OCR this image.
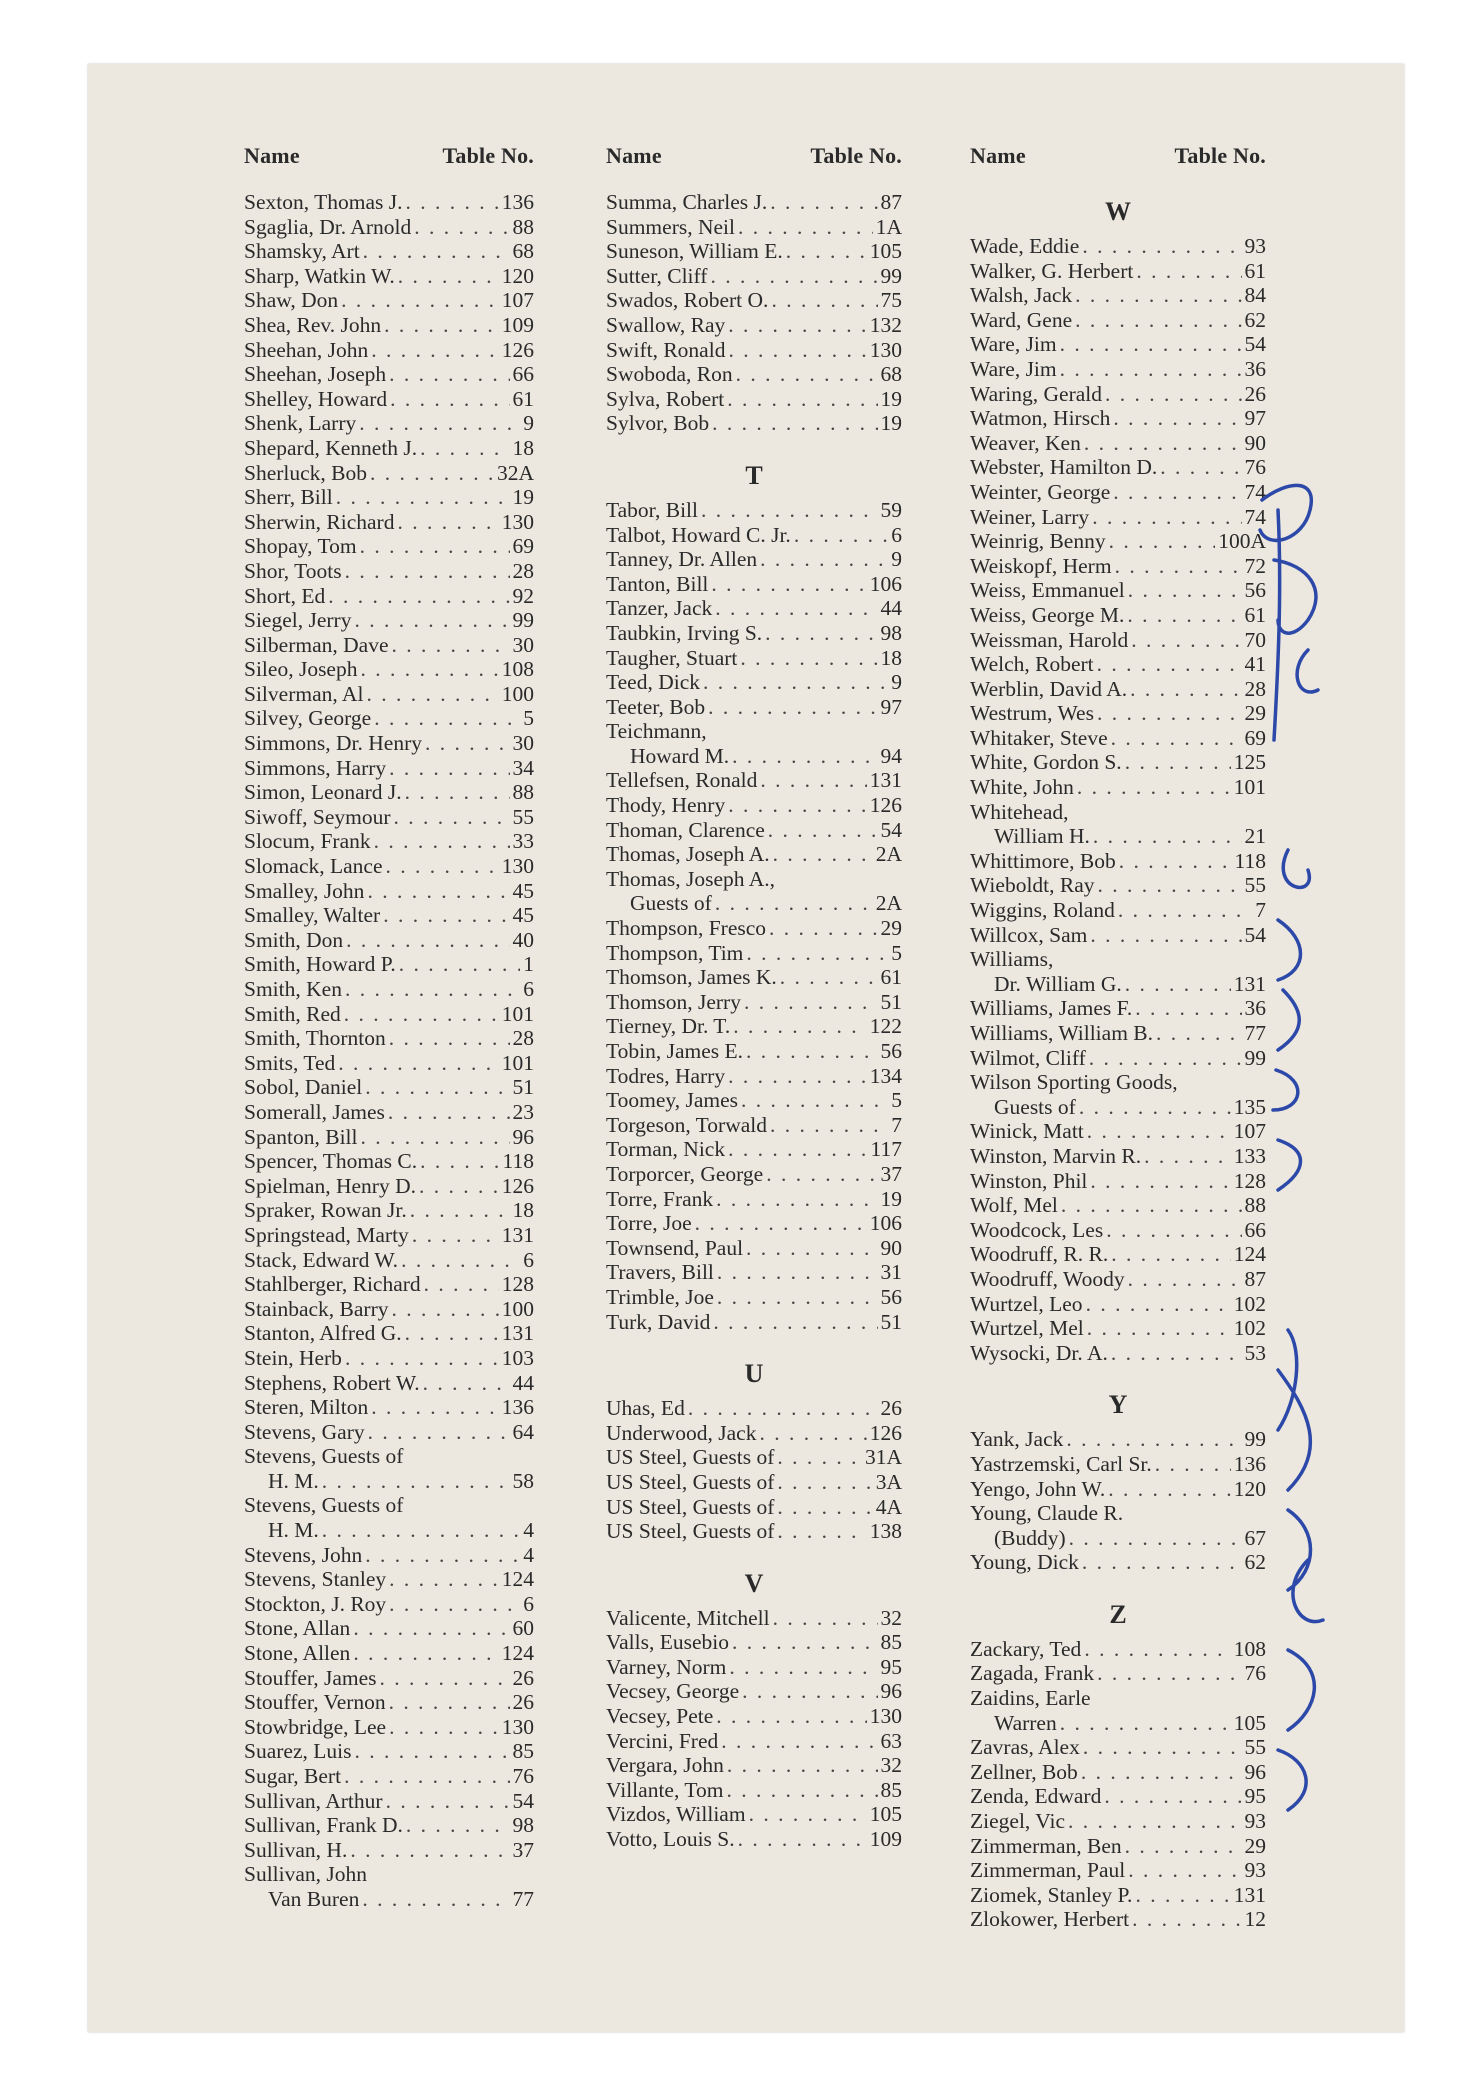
Name	Table No.
Sexton, Thomas J. . . .	136
Sgaglia, Dr. Arnold . . .	88
Shamsky, Art . . .	68
Sharp, Watkin W. . . .	120
Shaw, Don . . .	107
Shea, Rev. John . . .	109
Sheehan, John . . .	126
Sheehan, Joseph . . .	66
Shelley, Howard . . .	61
Shenk, Larry . . .	9
Shepard, Kenneth J. . . .	18
Sherluck, Bob . . .	32A
Sherr, Bill . . .	19
Sherwin, Richard . . .	130
Shopay, Tom . . .	69
Shor, Toots . . .	28
Short, Ed . . .	92
Siegel, Jerry . . .	99
Silberman, Dave . . .	30
Sileo, Joseph . . .	108
Silverman, Al . . .	100
Silvey, George . . .	5
Simmons, Dr. Henry . . .	30
Simmons, Harry . . .	34
Simon, Leonard J. . . .	88
Siwoff, Seymour . . .	55
Slocum, Frank . . .	33
Slomack, Lance . . .	130
Smalley, John . . .	45
Smalley, Walter . . .	45
Smith, Don . . .	40
Smith, Howard P. . . .	1
Smith, Ken . . .	6
Smith, Red . . .	101
Smith, Thornton . . .	28
Smits, Ted . . .	101
Sobol, Daniel . . .	51
Somerall, James . . .	23
Spanton, Bill . . .	96
Spencer, Thomas C. . . .	118
Spielman, Henry D. . . .	126
Spraker, Rowan Jr. . . .	18
Springstead, Marty . . .	131
Stack, Edward W. . . .	6
Stahlberger, Richard . . .	128
Stainback, Barry . . .	100
Stanton, Alfred G. . . .	131
Stein, Herb . . .	103
Stephens, Robert W. . . .	44
Steren, Milton . . .	136
Stevens, Gary . . .	64
Stevens, Guests of
H. M. . . .	58
Stevens, Guests of
H. M. . . .	4
Stevens, John . . .	4
Stevens, Stanley . . .	124
Stockton, J. Roy . . .	6
Stone, Allan . . .	60
Stone, Allen . . .	124
Stouffer, James . . .	26
Stouffer, Vernon . . .	26
Stowbridge, Lee . . .	130
Suarez, Luis . . .	85
Sugar, Bert . . .	76
Sullivan, Arthur . . .	54
Sullivan, Frank D. . . .	98
Sullivan, H. . . .	37
Sullivan, John
Van Buren . . .	77
Name	Table No.
Summa, Charles J. . . .	87
Summers, Neil . . .	1A
Suneson, William E. . . .	105
Sutter, Cliff . . .	99
Swados, Robert O. . . .	75
Swallow, Ray . . .	132
Swift, Ronald . . .	130
Swoboda, Ron . . .	68
Sylva, Robert . . .	19
Sylvor, Bob . . .	19
T
Tabor, Bill . . .	59
Talbot, Howard C. Jr. . . .	6
Tanney, Dr. Allen . . .	9
Tanton, Bill . . .	106
Tanzer, Jack . . .	44
Taubkin, Irving S. . . .	98
Taugher, Stuart . . .	18
Teed, Dick . . .	9
Teeter, Bob . . .	97
Teichmann,
Howard M. . . .	94
Tellefsen, Ronald . . .	131
Thody, Henry . . .	126
Thoman, Clarence . . .	54
Thomas, Joseph A. . . .	2A
Thomas, Joseph A.,
Guests of . . .	2A
Thompson, Fresco . . .	29
Thompson, Tim . . .	5
Thomson, James K. . . .	61
Thomson, Jerry . . .	51
Tierney, Dr. T. . . .	122
Tobin, James E. . . .	56
Todres, Harry . . .	134
Toomey, James . . .	5
Torgeson, Torwald . . .	7
Torman, Nick . . .	117
Torporcer, George . . .	37
Torre, Frank . . .	19
Torre, Joe . . .	106
Townsend, Paul . . .	90
Travers, Bill . . .	31
Trimble, Joe . . .	56
Turk, David . . .	51
U
Uhas, Ed . . .	26
Underwood, Jack . . .	126
US Steel, Guests of . . .	31A
US Steel, Guests of . . .	3A
US Steel, Guests of . . .	4A
US Steel, Guests of . . .	138
V
Valicente, Mitchell . . .	32
Valls, Eusebio . . .	85
Varney, Norm . . .	95
Vecsey, George . . .	96
Vecsey, Pete . . .	130
Vercini, Fred . . .	63
Vergara, John . . .	32
Villante, Tom . . .	85
Vizdos, William . . .	105
Votto, Louis S. . . .	109
Name	Table No.
W
Wade, Eddie . . .	93
Walker, G. Herbert . . .	61
Walsh, Jack . . .	84
Ward, Gene . . .	62
Ware, Jim . . .	54
Ware, Jim . . .	36
Waring, Gerald . . .	26
Watmon, Hirsch . . .	97
Weaver, Ken . . .	90
Webster, Hamilton D. . . .	76
Weinter, George . . .	74
Weiner, Larry . . .	74
Weinrig, Benny . . .	100A
Weiskopf, Herm . . .	72
Weiss, Emmanuel . . .	56
Weiss, George M. . . .	61
Weissman, Harold . . .	70
Welch, Robert . . .	41
Werblin, David A. . . .	28
Westrum, Wes . . .	29
Whitaker, Steve . . .	69
White, Gordon S. . . .	125
White, John . . .	101
Whitehead,
William H. . . .	21
Whittimore, Bob . . .	118
Wieboldt, Ray . . .	55
Wiggins, Roland . . .	7
Willcox, Sam . . .	54
Williams,
Dr. William G. . . .	131
Williams, James F. . . .	36
Williams, William B. . . .	77
Wilmot, Cliff . . .	99
Wilson Sporting Goods,
Guests of . . .	135
Winick, Matt . . .	107
Winston, Marvin R. . . .	133
Winston, Phil . . .	128
Wolf, Mel . . .	88
Woodcock, Les . . .	66
Woodruff, R. R. . . .	124
Woodruff, Woody . . .	87
Wurtzel, Leo . . .	102
Wurtzel, Mel . . .	102
Wysocki, Dr. A. . . .	53
Y
Yank, Jack . . .	99
Yastrzemski, Carl Sr. . . .	136
Yengo, John W. . . .	120
Young, Claude R.
(Buddy) . . .	67
Young, Dick . . .	62
Z
Zackary, Ted . . .	108
Zagada, Frank . . .	76
Zaidins, Earle
Warren . . .	105
Zavras, Alex . . .	55
Zellner, Bob . . .	96
Zenda, Edward . . .	95
Ziegel, Vic . . .	93
Zimmerman, Ben . . .	29
Zimmerman, Paul . . .	93
Ziomek, Stanley P. . . .	131
Zlokower, Herbert . . .	12
